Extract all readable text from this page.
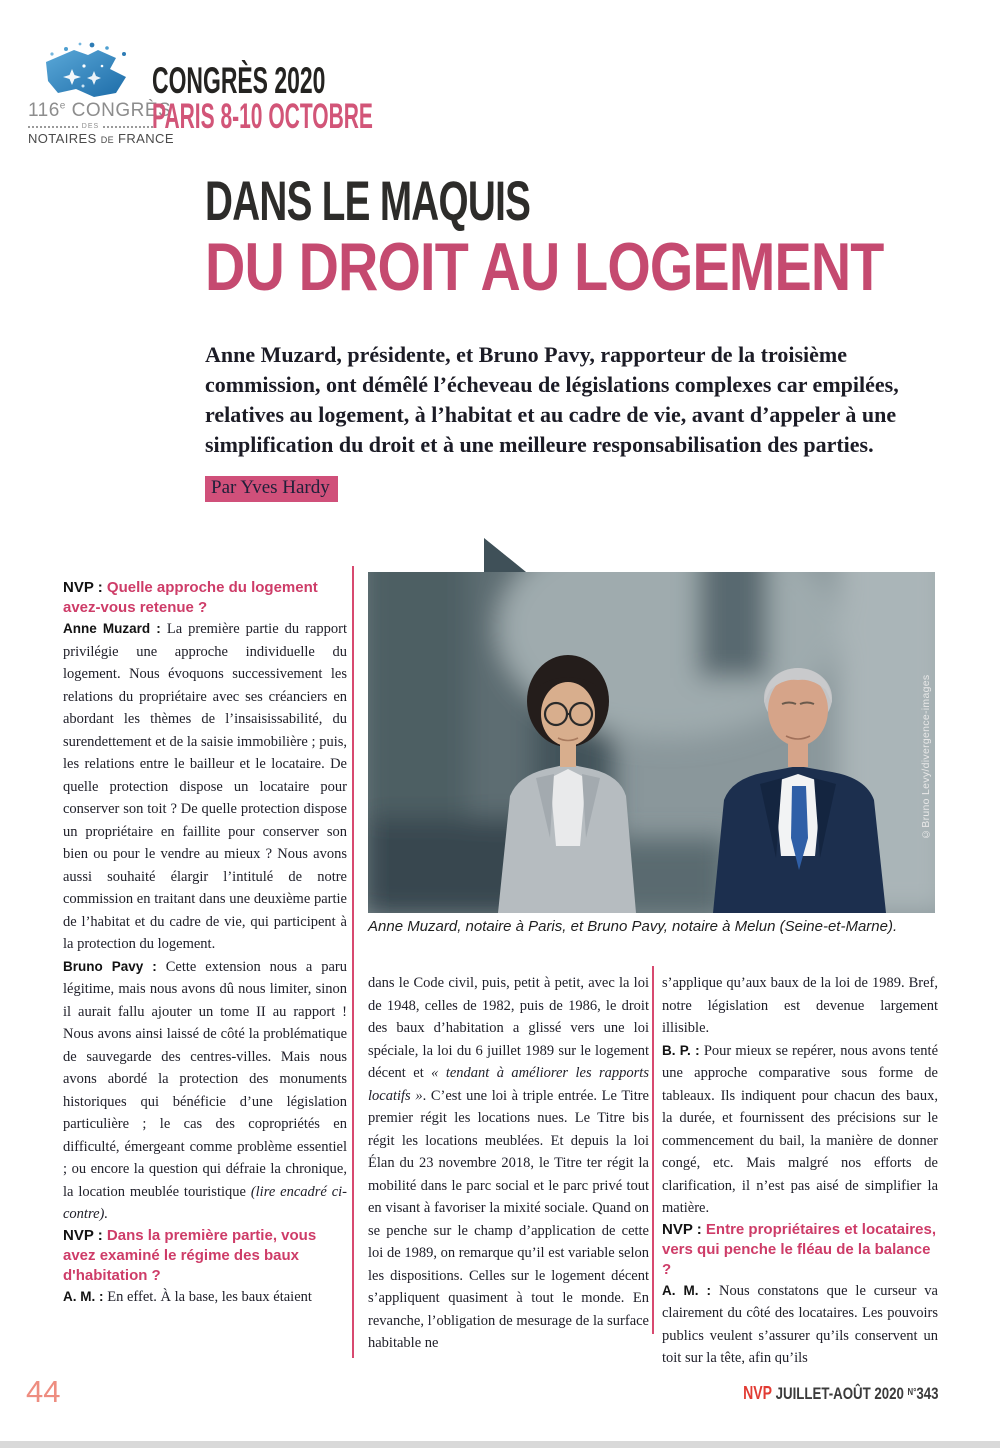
116e CONGRÈS
DES
NOTAIRES DE FRANCE
CONGRÈS 2020
PARIS 8-10 OCTOBRE
DANS LE MAQUIS
DU DROIT AU LOGEMENT
Anne Muzard, présidente, et Bruno Pavy, rapporteur de la troisième commission, ont démêlé l’écheveau de législations complexes car empilées, relatives au logement, à l’habitat et au cadre de vie, avant d’appeler à une simplification du droit et à une meilleure responsabilisation des parties.
Par Yves Hardy
©Bruno Levy/divergence-images
Anne Muzard, notaire à Paris, et Bruno Pavy, notaire à Melun (Seine-et-Marne).

NVP : Quelle approche du logement avez-vous retenue ?

Anne Muzard : La première partie du rapport privilégie une approche individuelle du logement. Nous évoquons successivement les relations du propriétaire avec ses créanciers en abordant les thèmes de l’insaisissabilité, du surendettement et de la saisie immobilière ; puis, les relations entre le bailleur et le locataire. De quelle protection dispose un locataire pour conserver son toit ? De quelle protection dispose un propriétaire en faillite pour conserver son bien ou pour le vendre au mieux ? Nous avons aussi souhaité élargir l’intitulé de notre commission en traitant dans une deuxième partie de l’habitat et du cadre de vie, qui participent à la protection du logement.

Bruno Pavy : Cette extension nous a paru légitime, mais nous avons dû nous limiter, sinon il aurait fallu ajouter un tome II au rapport ! Nous avons ainsi laissé de côté la problématique de sauvegarde des centres-villes. Mais nous avons abordé la protection des monuments historiques qui bénéficie d’une législation particulière ; le cas des copropriétés en difficulté, émergeant comme problème essentiel ; ou encore la question qui défraie la chronique, la location meublée touristique (lire encadré ci-contre).

NVP : Dans la première partie, vous avez examiné le régime des baux d'habitation ?

A. M. : En effet. À la base, les baux étaient

dans le Code civil, puis, petit à petit, avec la loi de 1948, celles de 1982, puis de 1986, le droit des baux d’habitation a glissé vers une loi spéciale, la loi du 6 juillet 1989 sur le logement décent et « tendant à améliorer les rapports locatifs ». C’est une loi à triple entrée. Le Titre premier régit les locations nues. Le Titre bis régit les locations meublées. Et depuis la loi Élan du 23 novembre 2018, le Titre ter régit la mobilité dans le parc social et le parc privé tout en visant à favoriser la mixité sociale. Quand on se penche sur le champ d’application de cette loi de 1989, on remarque qu’il est variable selon les dispositions. Celles sur le logement décent s’appliquent quasiment à tout le monde. En revanche, l’obligation de mesurage de la surface habitable ne

s’applique qu’aux baux de la loi de 1989. Bref, notre législation est devenue largement illisible.

B. P. : Pour mieux se repérer, nous avons tenté une approche comparative sous forme de tableaux. Ils indiquent pour chacun des baux, la durée, et fournissent des précisions sur le commencement du bail, la manière de donner congé, etc. Mais malgré nos efforts de clarification, il n’est pas aisé de simplifier la matière.

NVP : Entre propriétaires et locataires, vers qui penche le fléau de la balance ?

A. M. : Nous constatons que le curseur va clairement du côté des locataires. Les pouvoirs publics veulent s’assurer qu’ils conservent un toit sur la tête, afin qu’ils

44	NVP JUILLET-AOÛT 2020 $^{N^\circ}$343
